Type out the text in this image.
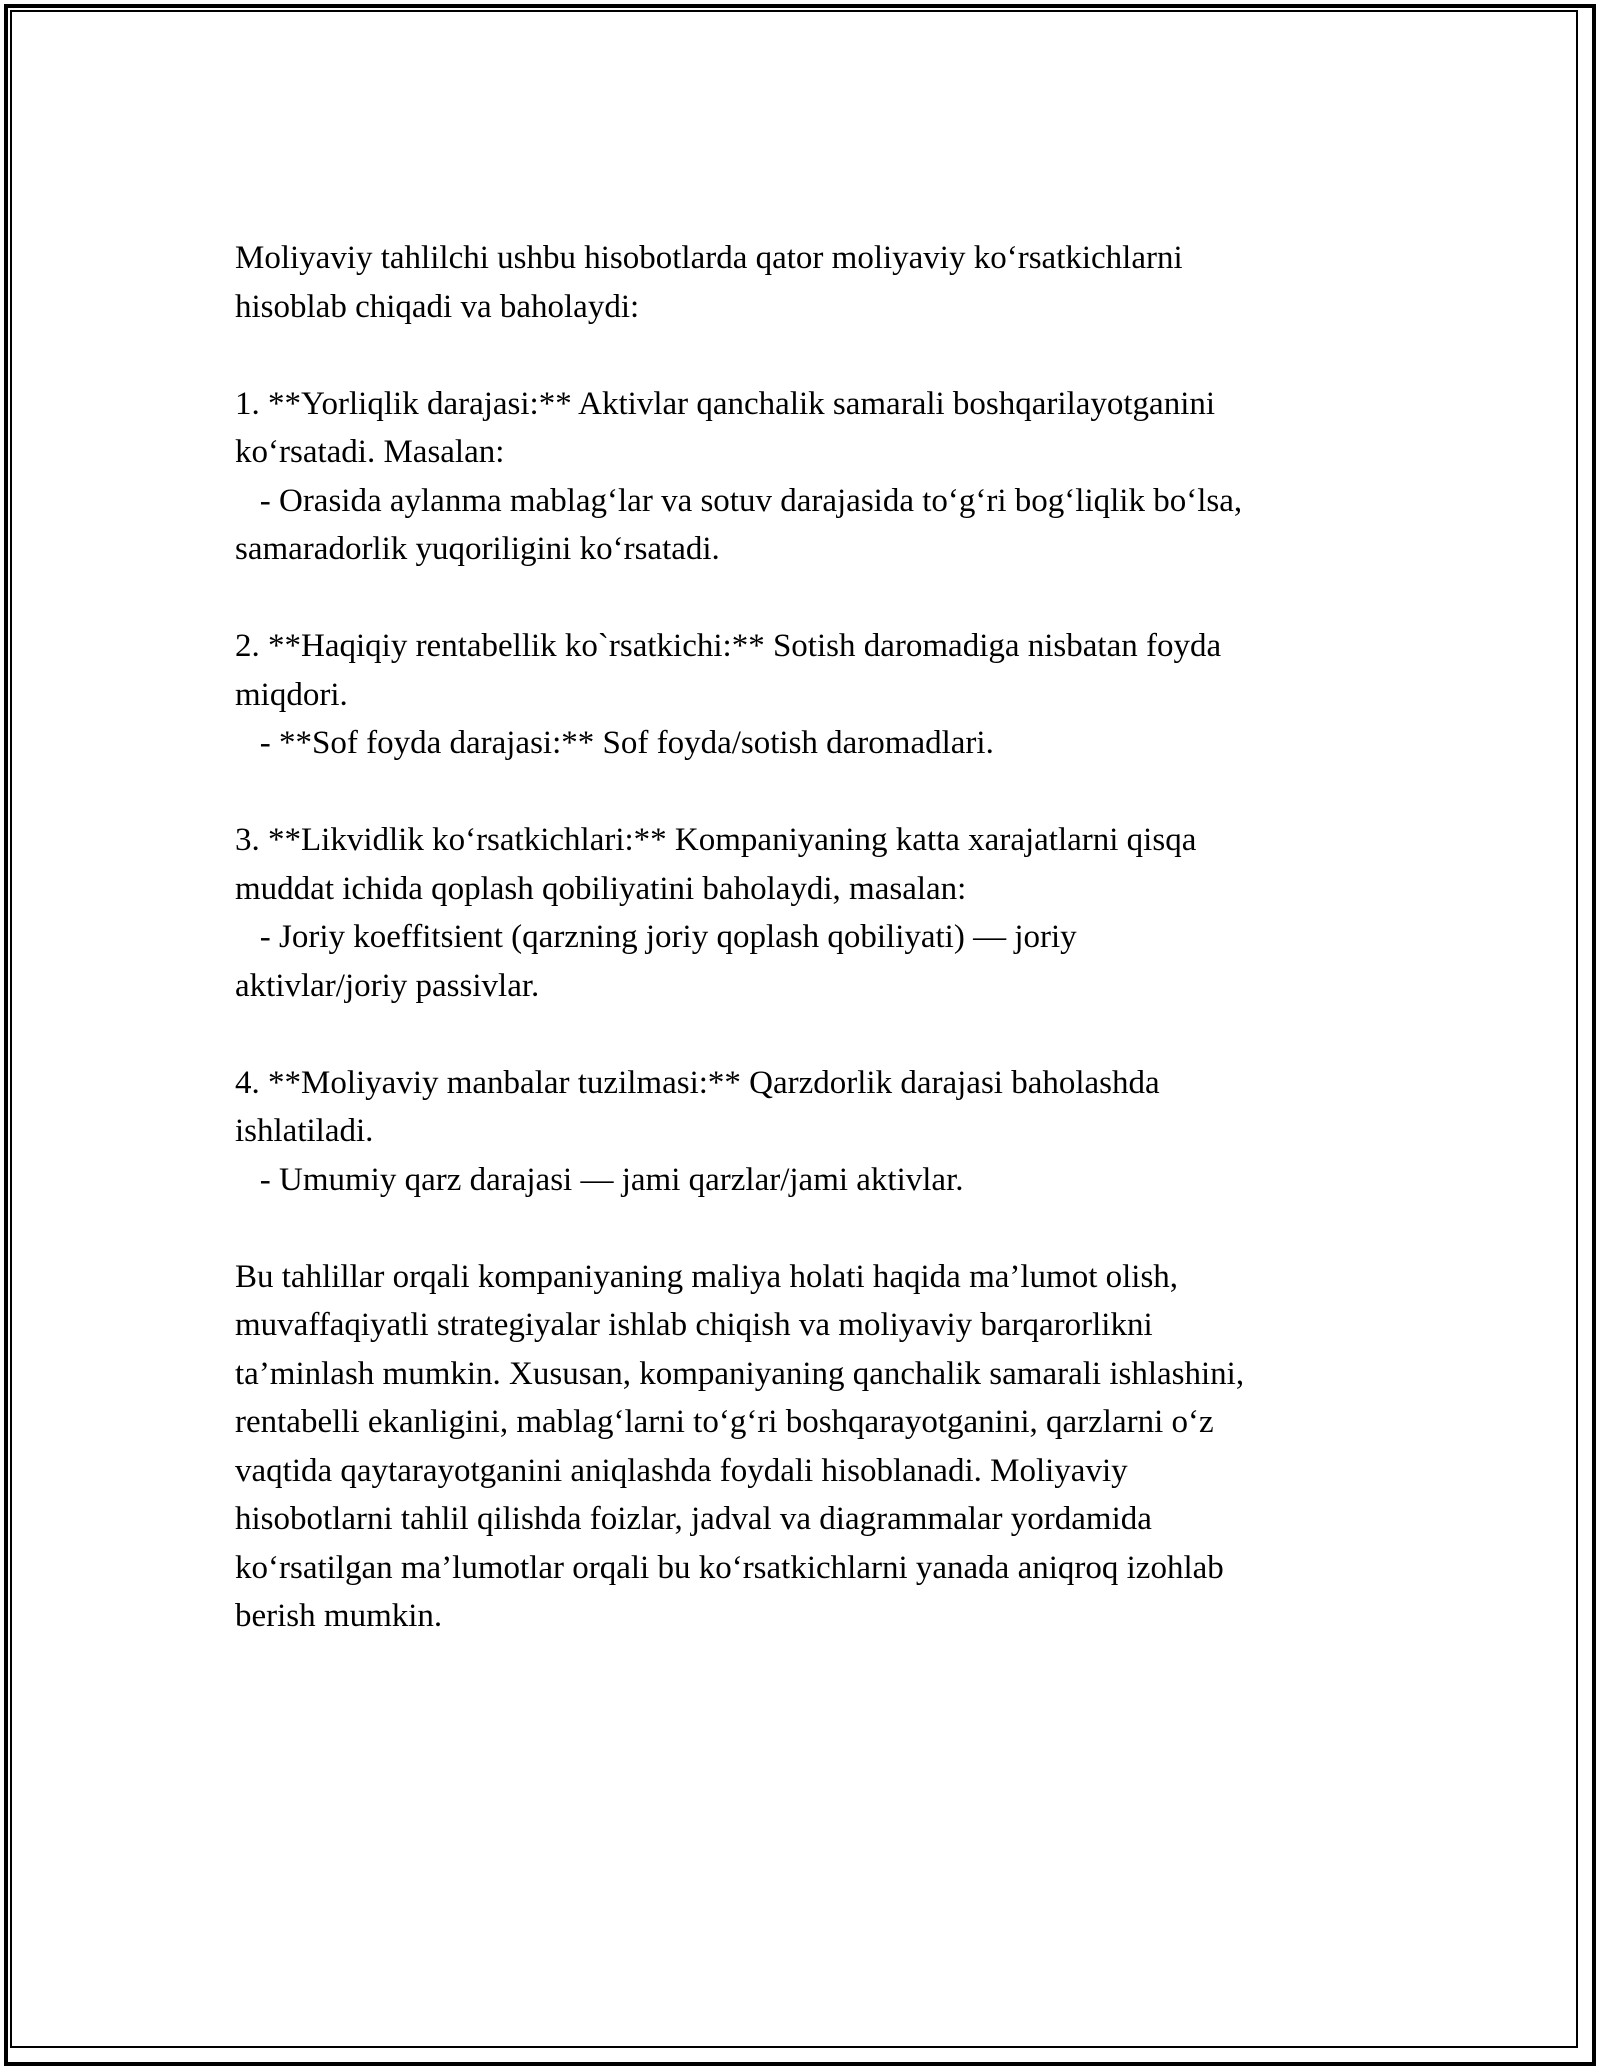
Moliyaviy tahlilchi ushbu hisobotlarda qator moliyaviy ko‘rsatkichlarni

hisoblab chiqadi va baholaydi:

1. **Yorliqlik darajasi:** Aktivlar qanchalik samarali boshqarilayotganini

ko‘rsatadi. Masalan:

- Orasida aylanma mablag‘lar va sotuv darajasida to‘g‘ri bog‘liqlik bo‘lsa,

samaradorlik yuqoriligini ko‘rsatadi.

2. **Haqiqiy rentabellik ko`rsatkichi:** Sotish daromadiga nisbatan foyda

miqdori.

- **Sof foyda darajasi:** Sof foyda/sotish daromadlari.

3. **Likvidlik ko‘rsatkichlari:** Kompaniyaning katta xarajatlarni qisqa

muddat ichida qoplash qobiliyatini baholaydi, masalan:

- Joriy koeffitsient (qarzning joriy qoplash qobiliyati) — joriy

aktivlar/joriy passivlar.

4. **Moliyaviy manbalar tuzilmasi:** Qarzdorlik darajasi baholashda

ishlatiladi.

- Umumiy qarz darajasi — jami qarzlar/jami aktivlar.

Bu tahlillar orqali kompaniyaning maliya holati haqida ma’lumot olish,

muvaffaqiyatli strategiyalar ishlab chiqish va moliyaviy barqarorlikni

ta’minlash mumkin. Xususan, kompaniyaning qanchalik samarali ishlashini,

rentabelli ekanligini, mablag‘larni to‘g‘ri boshqarayotganini, qarzlarni o‘z

vaqtida qaytarayotganini aniqlashda foydali hisoblanadi. Moliyaviy

hisobotlarni tahlil qilishda foizlar, jadval va diagrammalar yordamida

ko‘rsatilgan ma’lumotlar orqali bu ko‘rsatkichlarni yanada aniqroq izohlab

berish mumkin.
